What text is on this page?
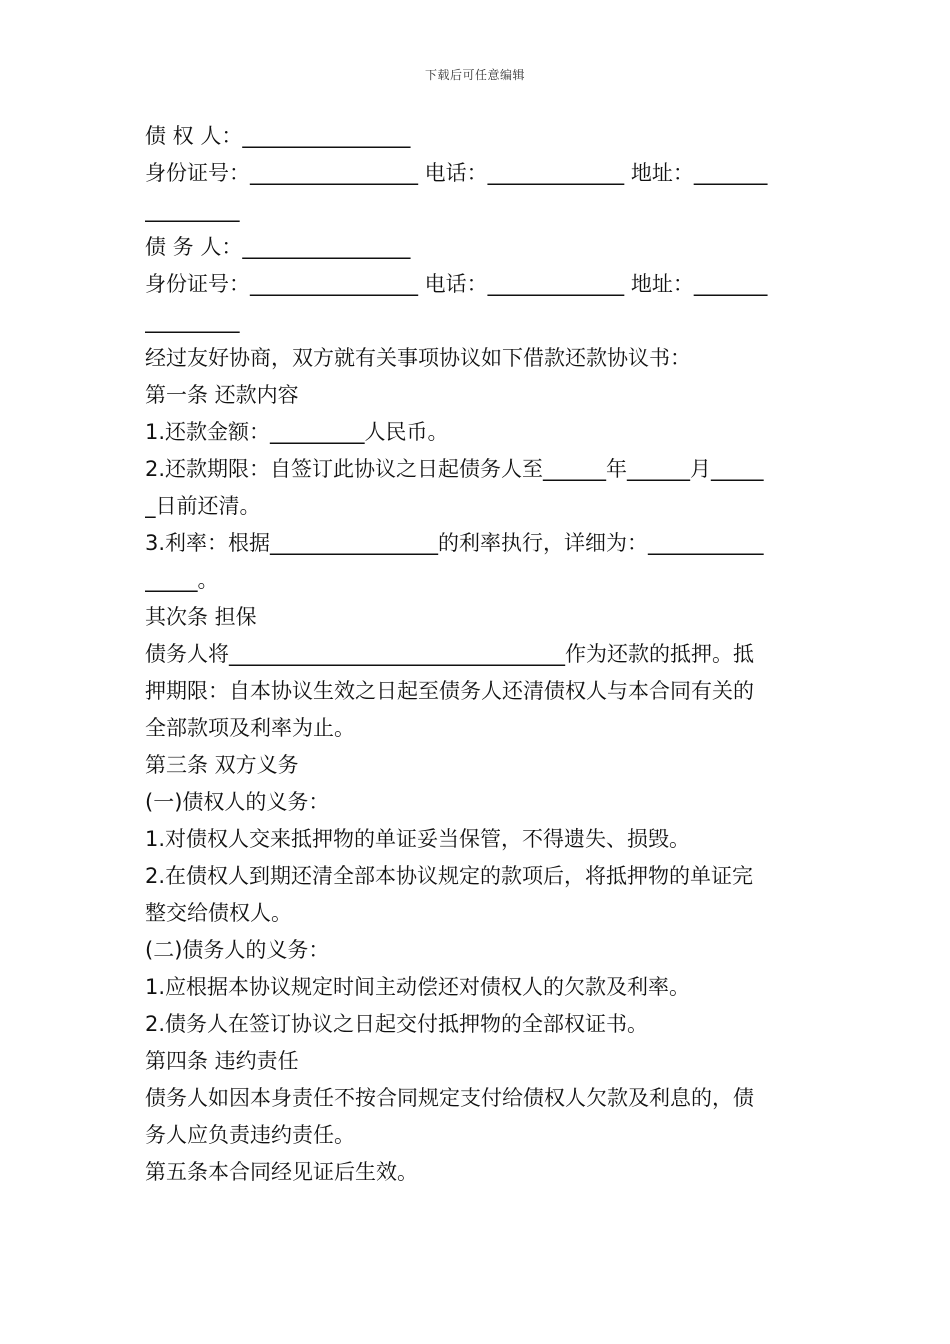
下载后可任意编辑
债 权 人：________________
身份证号：________________ 电话：_____________ 地址：_______
_________
债 务 人：________________
身份证号：________________ 电话：_____________ 地址：_______
_________
经过友好协商，双方就有关事项协议如下借款还款协议书：
第一条 还款内容
1.还款金额：_________人民币。
2.还款期限：自签订此协议之日起债务人至______年______月_____
_日前还清。
3.利率：根据________________的利率执行，详细为：___________
_____。
其次条 担保
债务人将________________________________作为还款的抵押。抵
押期限：自本协议生效之日起至债务人还清债权人与本合同有关的
全部款项及利率为止。
第三条 双方义务
(一)债权人的义务：
1.对债权人交来抵押物的单证妥当保管，不得遗失、损毁。
2.在债权人到期还清全部本协议规定的款项后，将抵押物的单证完
整交给债权人。
(二)债务人的义务：
1.应根据本协议规定时间主动偿还对债权人的欠款及利率。
2.债务人在签订协议之日起交付抵押物的全部权证书。
第四条 违约责任
债务人如因本身责任不按合同规定支付给债权人欠款及利息的，债
务人应负责违约责任。
第五条本合同经见证后生效。
